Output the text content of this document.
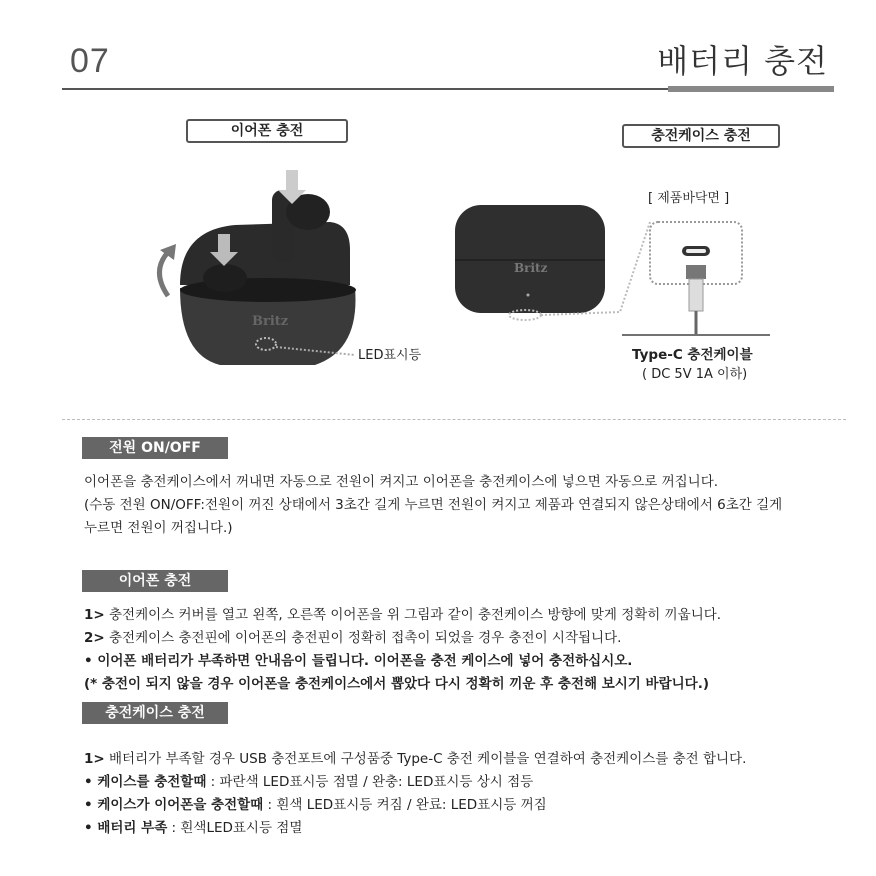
07	배터리 충전
이어폰 충전	충전케이스 충전
Britz
Britz
[ 제품바닥면 ]
LED표시등	Type-C 충전케이블
( DC 5V 1A 이하)
전원 ON/OFF
이어폰을 충전케이스에서 꺼내면 자동으로 전원이 켜지고 이어폰을 충전케이스에 넣으면 자동으로 꺼집니다.
(수동 전원 ON/OFF:전원이 꺼진 상태에서 3초간 길게 누르면 전원이 켜지고 제품과 연결되지 않은상태에서 6초간 길게
누르면 전원이 꺼집니다.)
이어폰 충전
1> 충전케이스 커버를 열고 왼쪽, 오른쪽 이어폰을 위 그림과 같이 충전케이스 방향에 맞게 정확히 끼웁니다.
2> 충전케이스 충전핀에 이어폰의 충전핀이 정확히 접촉이 되었을 경우 충전이 시작됩니다.
• 이어폰 배터리가 부족하면 안내음이 들립니다. 이어폰을 충전 케이스에 넣어 충전하십시오.
(* 충전이 되지 않을 경우 이어폰을 충전케이스에서 뽑았다 다시 정확히 끼운 후 충전해 보시기 바랍니다.)
충전케이스 충전
1> 배터리가 부족할 경우 USB 충전포트에 구성품중 Type-C 충전 케이블을 연결하여 충전케이스를 충전 합니다.
• 케이스를 충전할때 : 파란색 LED표시등 점멸 / 완충: LED표시등 상시 점등
• 케이스가 이어폰을 충전할때 : 흰색 LED표시등 켜짐 / 완료: LED표시등 꺼짐
• 배터리 부족 : 흰색LED표시등 점멸
